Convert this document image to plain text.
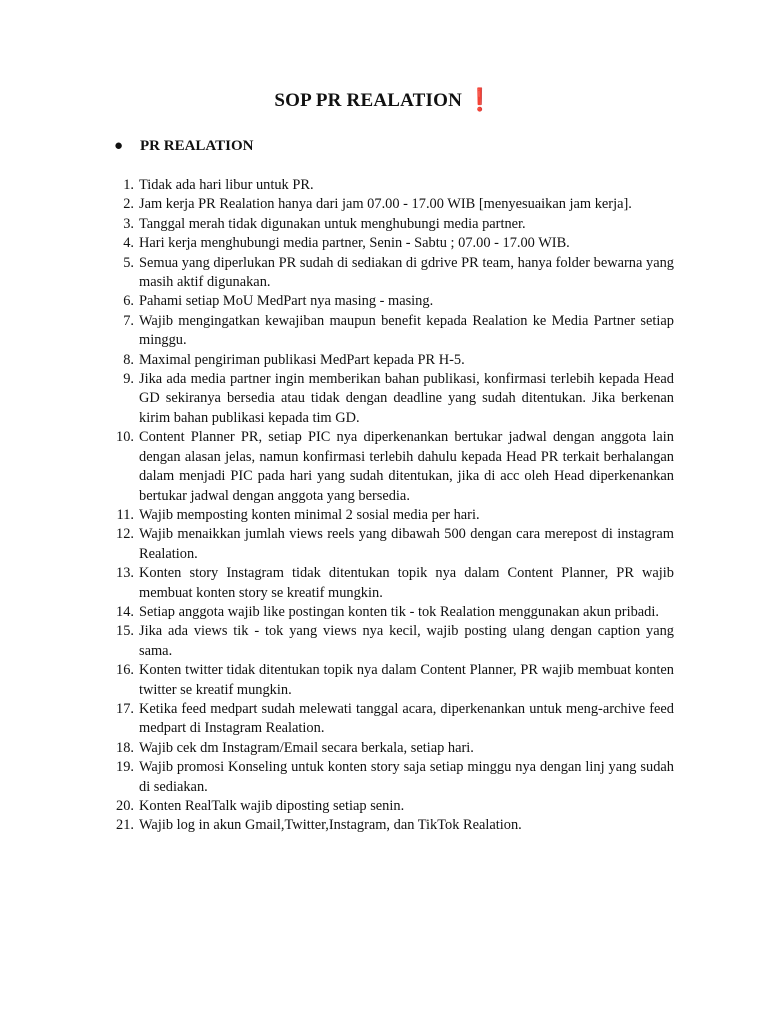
SOP PR REALATION ❗
● PR REALATION
1. Tidak ada hari libur untuk PR.
2. Jam kerja PR Realation hanya dari jam 07.00 - 17.00 WIB [menyesuaikan jam kerja].
3. Tanggal merah tidak digunakan untuk menghubungi media partner.
4. Hari kerja menghubungi media partner, Senin - Sabtu ; 07.00 - 17.00 WIB.
5. Semua yang diperlukan PR sudah di sediakan di gdrive PR team, hanya folder bewarna yang masih aktif digunakan.
6. Pahami setiap MoU MedPart nya masing - masing.
7. Wajib mengingatkan kewajiban maupun benefit kepada Realation ke Media Partner setiap minggu.
8. Maximal pengiriman publikasi MedPart kepada PR H-5.
9. Jika ada media partner ingin memberikan bahan publikasi, konfirmasi terlebih kepada Head GD sekiranya bersedia atau tidak dengan deadline yang sudah ditentukan. Jika berkenan kirim bahan publikasi kepada tim GD.
10. Content Planner PR, setiap PIC nya diperkenankan bertukar jadwal dengan anggota lain dengan alasan jelas, namun konfirmasi terlebih dahulu kepada Head PR terkait berhalangan dalam menjadi PIC pada hari yang sudah ditentukan, jika di acc oleh Head diperkenankan bertukar jadwal dengan anggota yang bersedia.
11. Wajib memposting konten minimal 2 sosial media per hari.
12. Wajib menaikkan jumlah views reels yang dibawah 500 dengan cara merepost di instagram Realation.
13. Konten story Instagram tidak ditentukan topik nya dalam Content Planner, PR wajib membuat konten story se kreatif mungkin.
14. Setiap anggota wajib like postingan konten tik - tok Realation menggunakan akun pribadi.
15. Jika ada views tik - tok yang views nya kecil, wajib posting ulang dengan caption yang sama.
16. Konten twitter tidak ditentukan topik nya dalam Content Planner, PR wajib membuat konten twitter se kreatif mungkin.
17. Ketika feed medpart sudah melewati tanggal acara, diperkenankan untuk meng-archive feed medpart di Instagram Realation.
18. Wajib cek dm Instagram/Email secara berkala, setiap hari.
19. Wajib promosi Konseling untuk konten story saja setiap minggu nya dengan linj yang sudah di sediakan.
20. Konten RealTalk wajib diposting setiap senin.
21. Wajib log in akun Gmail,Twitter,Instagram, dan TikTok Realation.
